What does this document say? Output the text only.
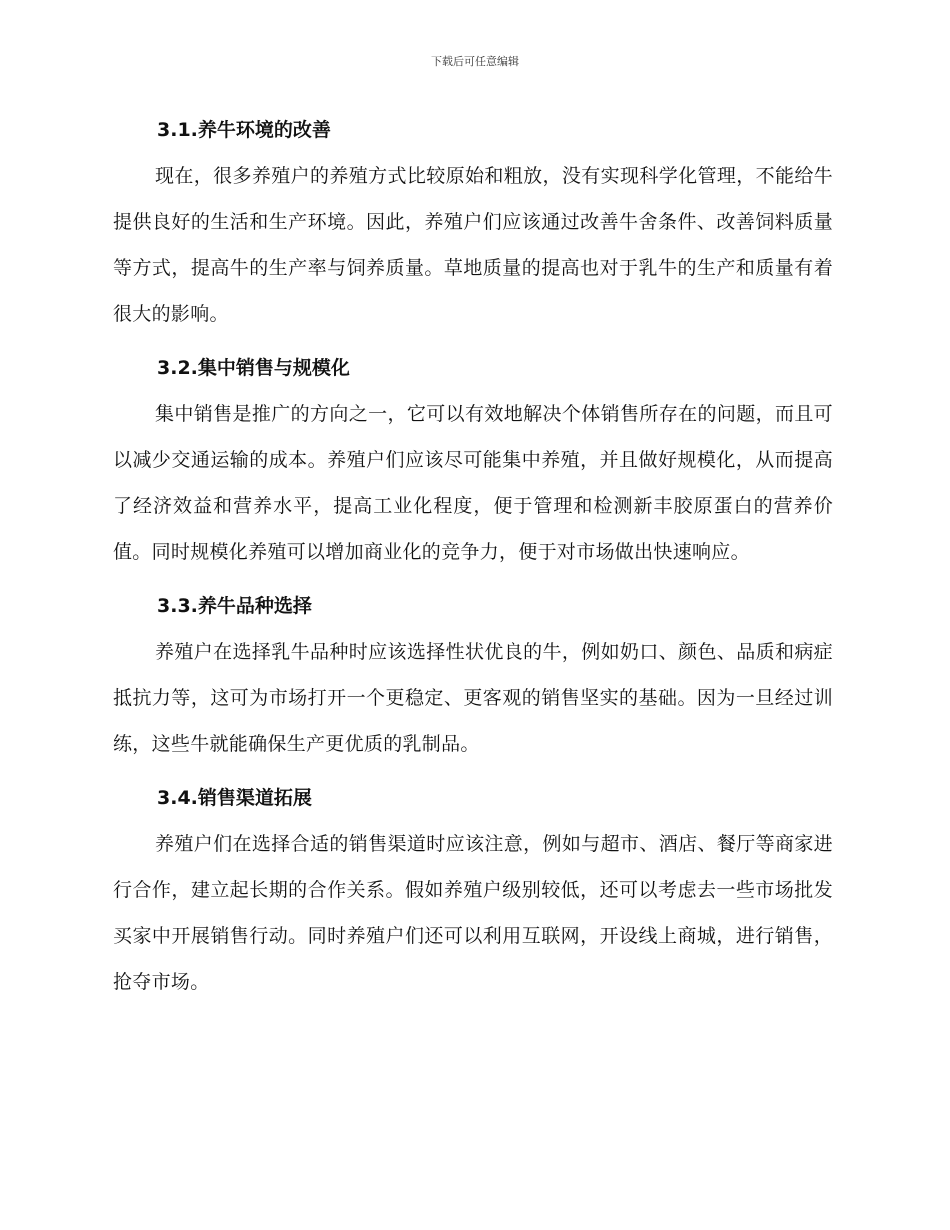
下载后可任意编辑
3.1.养牛环境的改善

现在，很多养殖户的养殖方式比较原始和粗放，没有实现科学化管理，不能给牛提供良好的生活和生产环境。因此，养殖户们应该通过改善牛舍条件、改善饲料质量等方式，提高牛的生产率与饲养质量。草地质量的提高也对于乳牛的生产和质量有着很大的影响。

3.2.集中销售与规模化

集中销售是推广的方向之一，它可以有效地解决个体销售所存在的问题，而且可以减少交通运输的成本。养殖户们应该尽可能集中养殖，并且做好规模化，从而提高了经济效益和营养水平，提高工业化程度，便于管理和检测新丰胶原蛋白的营养价值。同时规模化养殖可以增加商业化的竞争力，便于对市场做出快速响应。

3.3.养牛品种选择

养殖户在选择乳牛品种时应该选择性状优良的牛，例如奶口、颜色、品质和病症抵抗力等，这可为市场打开一个更稳定、更客观的销售坚实的基础。因为一旦经过训练，这些牛就能确保生产更优质的乳制品。

3.4.销售渠道拓展

养殖户们在选择合适的销售渠道时应该注意，例如与超市、酒店、餐厅等商家进行合作，建立起长期的合作关系。假如养殖户级别较低，还可以考虑去一些市场批发买家中开展销售行动。同时养殖户们还可以利用互联网，开设线上商城，进行销售，抢夺市场。
